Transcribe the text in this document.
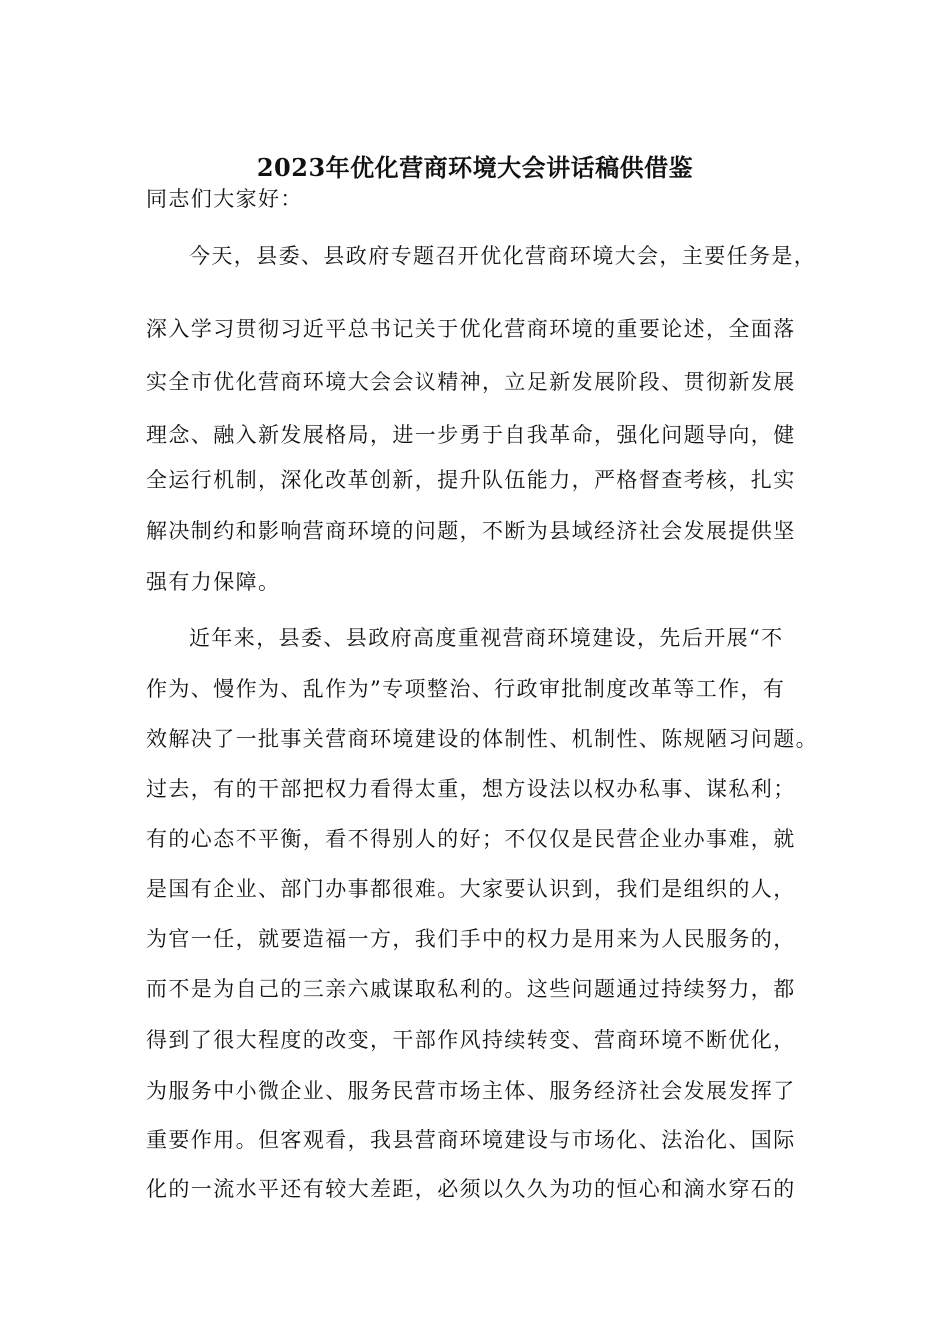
2023年优化营商环境大会讲话稿供借鉴
同志们大家好：
今天，县委、县政府专题召开优化营商环境大会，主要任务是，
深入学习贯彻习近平总书记关于优化营商环境的重要论述，全面落
实全市优化营商环境大会会议精神，立足新发展阶段、贯彻新发展
理念、融入新发展格局，进一步勇于自我革命，强化问题导向，健
全运行机制，深化改革创新，提升队伍能力，严格督查考核，扎实
解决制约和影响营商环境的问题，不断为县域经济社会发展提供坚
强有力保障。
近年来，县委、县政府高度重视营商环境建设，先后开展“不
作为、慢作为、乱作为”专项整治、行政审批制度改革等工作，有
效解决了一批事关营商环境建设的体制性、机制性、陈规陋习问题。
过去，有的干部把权力看得太重，想方设法以权办私事、谋私利；
有的心态不平衡，看不得别人的好；不仅仅是民营企业办事难，就
是国有企业、部门办事都很难。大家要认识到，我们是组织的人，
为官一任，就要造福一方，我们手中的权力是用来为人民服务的，
而不是为自己的三亲六戚谋取私利的。这些问题通过持续努力，都
得到了很大程度的改变，干部作风持续转变、营商环境不断优化，
为服务中小微企业、服务民营市场主体、服务经济社会发展发挥了
重要作用。但客观看，我县营商环境建设与市场化、法治化、国际
化的一流水平还有较大差距，必须以久久为功的恒心和滴水穿石的
